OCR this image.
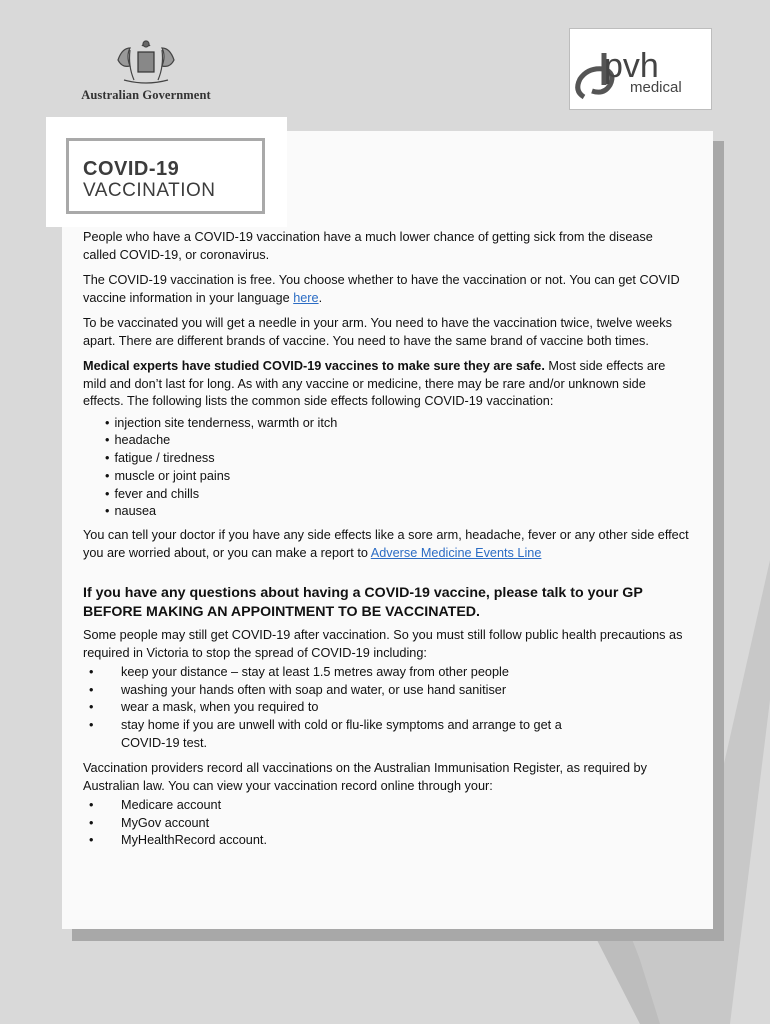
Australian Government
pvh
medical
COVID-19
VACCINATION

People who have a COVID-19 vaccination have a much lower chance of getting sick from the disease called COVID-19, or coronavirus.

The COVID-19 vaccination is free. You choose whether to have the vaccination or not. You can get COVID vaccine information in your language here.

To be vaccinated you will get a needle in your arm. You need to have the vaccination twice, twelve weeks apart. There are different brands of vaccine. You need to have the same brand of vaccine both times.

Medical experts have studied COVID-19 vaccines to make sure they are safe. Most side effects are mild and don’t last for long. As with any vaccine or medicine, there may be rare and/or unknown side effects. The following lists the common side effects following COVID-19 vaccination:

• injection site tenderness, warmth or itch
• headache
• fatigue / tiredness
• muscle or joint pains
• fever and chills
• nausea

You can tell your doctor if you have any side effects like a sore arm, headache, fever or any other side effect you are worried about, or you can make a report to Adverse Medicine Events Line

If you have any questions about having a COVID-19 vaccine, please talk to your GP BEFORE MAKING AN APPOINTMENT TO BE VACCINATED.

Some people may still get COVID-19 after vaccination. So you must still follow public health precautions as required in Victoria to stop the spread of COVID-19 including:

• keep your distance – stay at least 1.5 metres away from other people
• washing your hands often with soap and water, or use hand sanitiser
• wear a mask, when you required to
• stay home if you are unwell with cold or flu-like symptoms and arrange to get a COVID-19 test.

Vaccination providers record all vaccinations on the Australian Immunisation Register, as required by Australian law. You can view your vaccination record online through your:

• Medicare account
• MyGov account
• MyHealthRecord account.
